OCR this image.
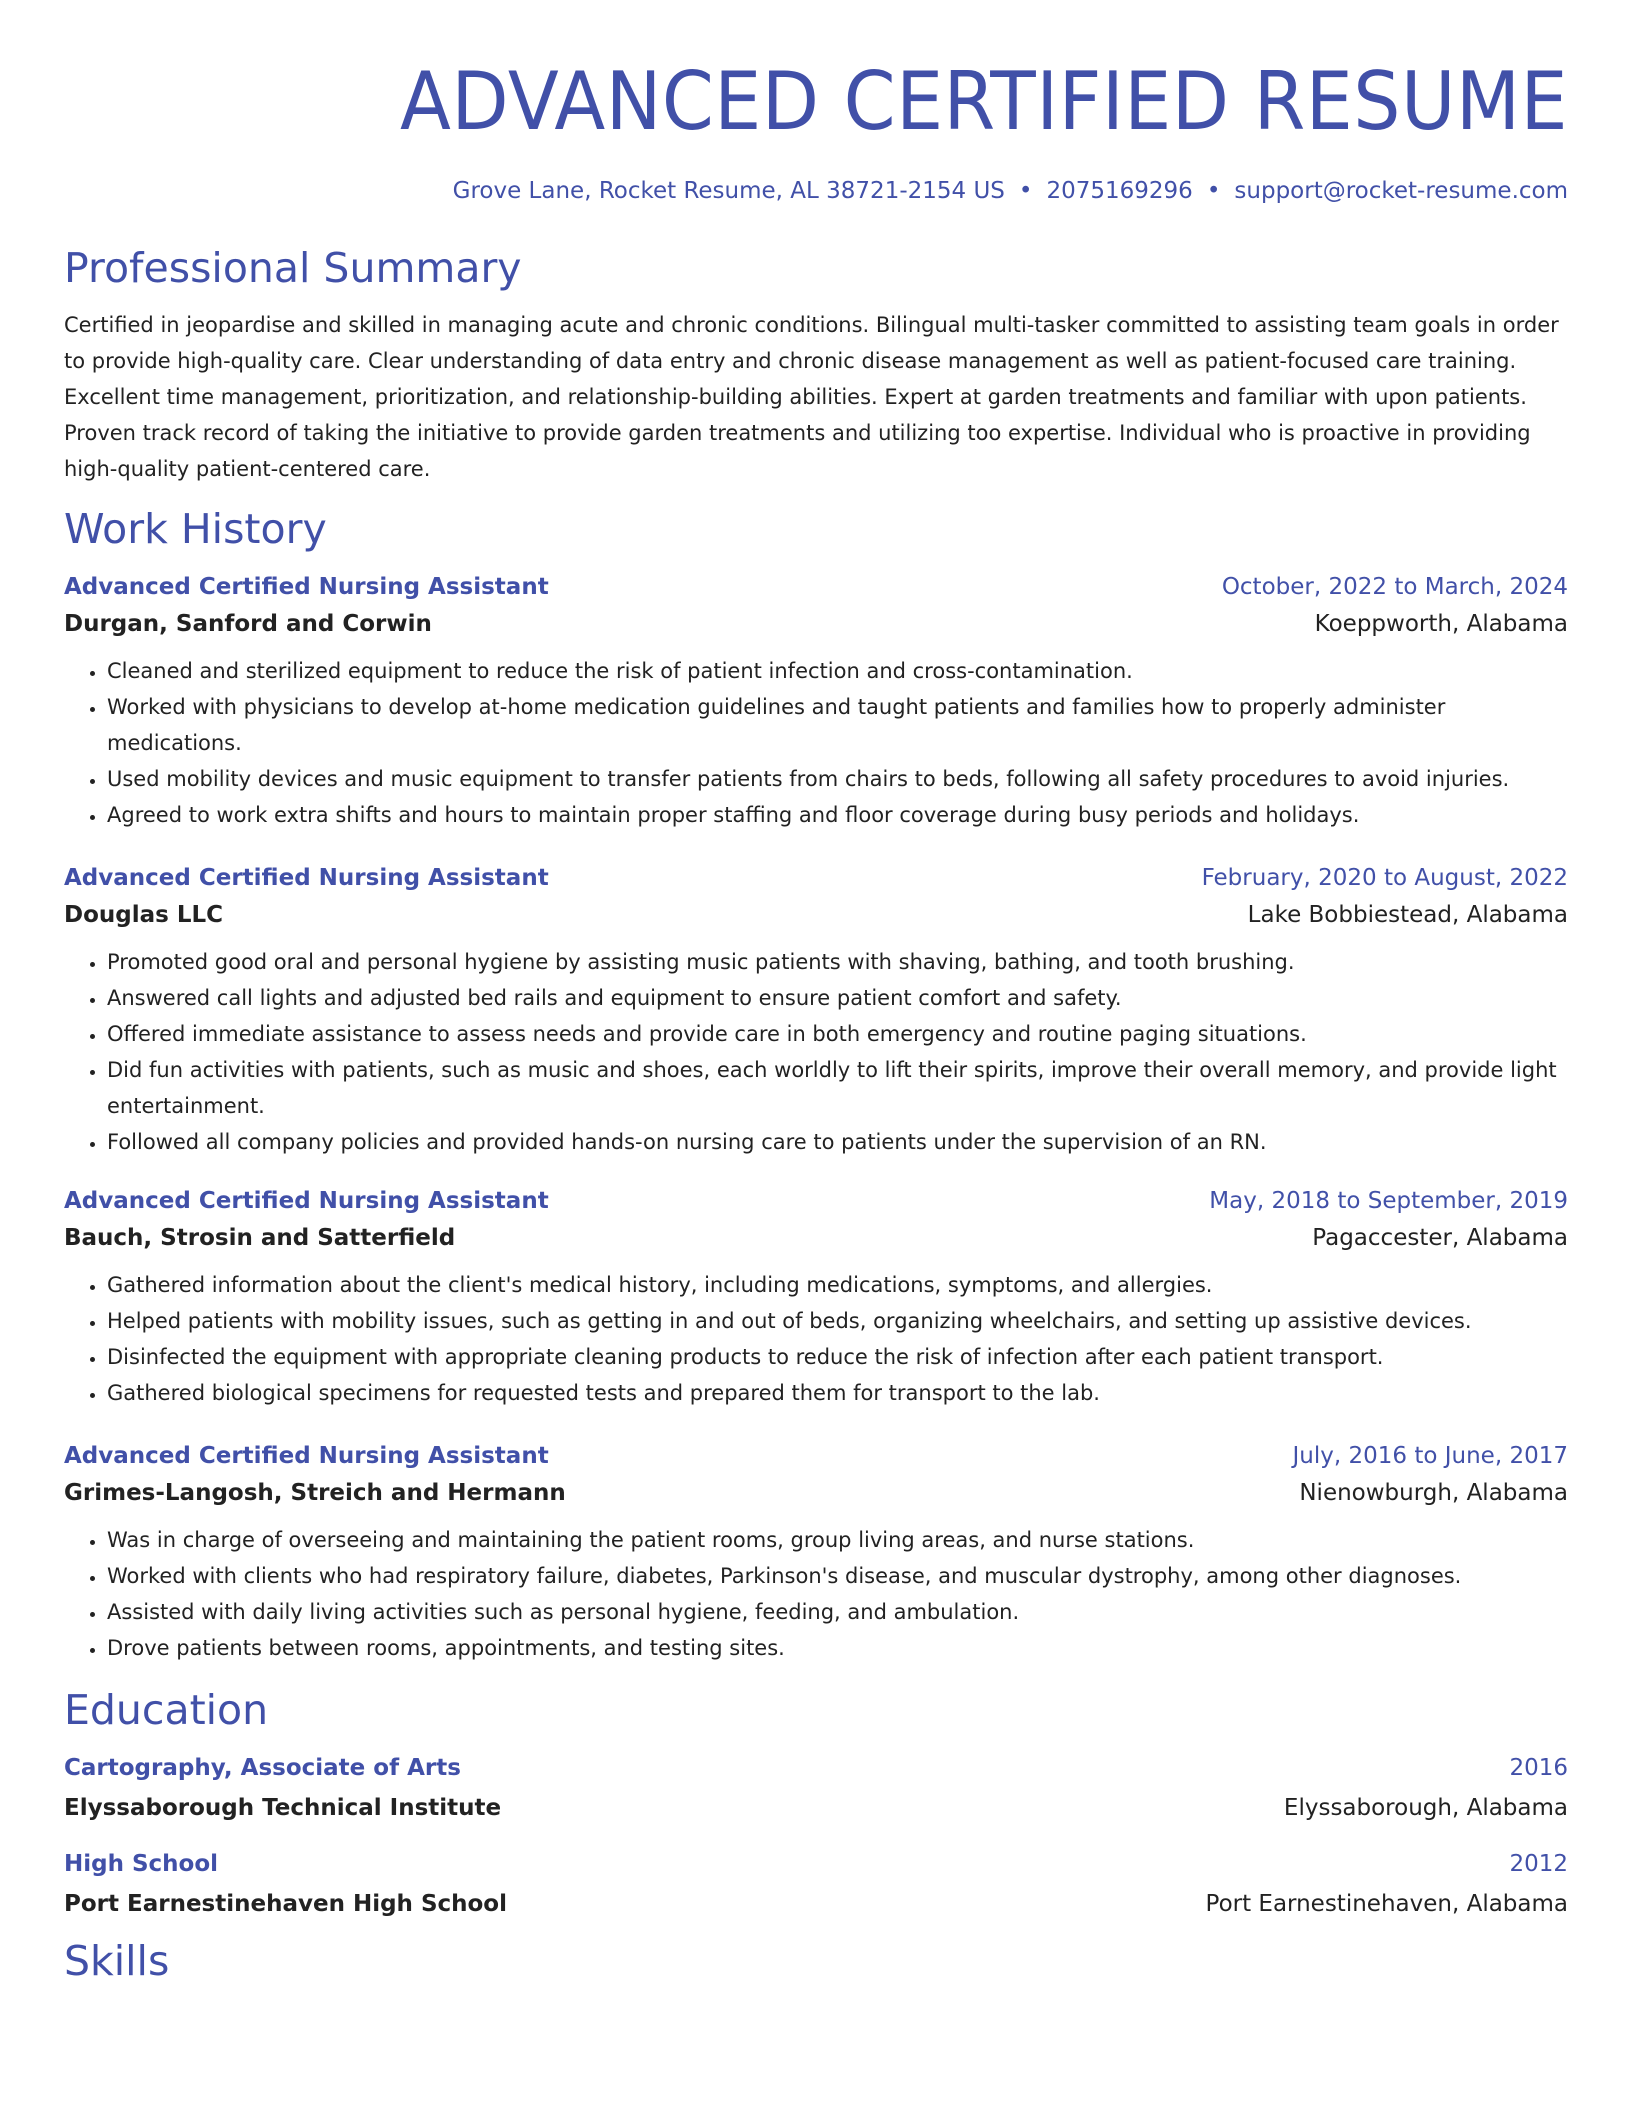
ADVANCED CERTIFIED RESUME
Grove Lane, Rocket Resume, AL 38721-2154 US • 2075169296 • support@rocket-resume.com
Professional Summary

Certified in jeopardise and skilled in managing acute and chronic conditions. Bilingual multi-tasker committed to assisting team goals in order to provide high-quality care. Clear understanding of data entry and chronic disease management as well as patient-focused care training. Excellent time management, prioritization, and relationship-building abilities. Expert at garden treatments and familiar with upon patients. Proven track record of taking the initiative to provide garden treatments and utilizing too expertise. Individual who is proactive in providing high-quality patient-centered care.

Work History
Advanced Certified Nursing Assistant	October, 2022 to March, 2024
Durgan, Sanford and Corwin	Koeppworth, Alabama
• Cleaned and sterilized equipment to reduce the risk of patient infection and cross-contamination.
• Worked with physicians to develop at-home medication guidelines and taught patients and families how to properly administer medications.
• Used mobility devices and music equipment to transfer patients from chairs to beds, following all safety procedures to avoid injuries.
• Agreed to work extra shifts and hours to maintain proper staffing and floor coverage during busy periods and holidays.
Advanced Certified Nursing Assistant	February, 2020 to August, 2022
Douglas LLC	Lake Bobbiestead, Alabama
• Promoted good oral and personal hygiene by assisting music patients with shaving, bathing, and tooth brushing.
• Answered call lights and adjusted bed rails and equipment to ensure patient comfort and safety.
• Offered immediate assistance to assess needs and provide care in both emergency and routine paging situations.
• Did fun activities with patients, such as music and shoes, each worldly to lift their spirits, improve their overall memory, and provide light entertainment.
• Followed all company policies and provided hands-on nursing care to patients under the supervision of an RN.
Advanced Certified Nursing Assistant	May, 2018 to September, 2019
Bauch, Strosin and Satterfield	Pagaccester, Alabama
• Gathered information about the client's medical history, including medications, symptoms, and allergies.
• Helped patients with mobility issues, such as getting in and out of beds, organizing wheelchairs, and setting up assistive devices.
• Disinfected the equipment with appropriate cleaning products to reduce the risk of infection after each patient transport.
• Gathered biological specimens for requested tests and prepared them for transport to the lab.
Advanced Certified Nursing Assistant	July, 2016 to June, 2017
Grimes-Langosh, Streich and Hermann	Nienowburgh, Alabama
• Was in charge of overseeing and maintaining the patient rooms, group living areas, and nurse stations.
• Worked with clients who had respiratory failure, diabetes, Parkinson's disease, and muscular dystrophy, among other diagnoses.
• Assisted with daily living activities such as personal hygiene, feeding, and ambulation.
• Drove patients between rooms, appointments, and testing sites.
Education
Cartography, Associate of Arts	2016
Elyssaborough Technical Institute	Elyssaborough, Alabama
High School	2012
Port Earnestinehaven High School	Port Earnestinehaven, Alabama
Skills
